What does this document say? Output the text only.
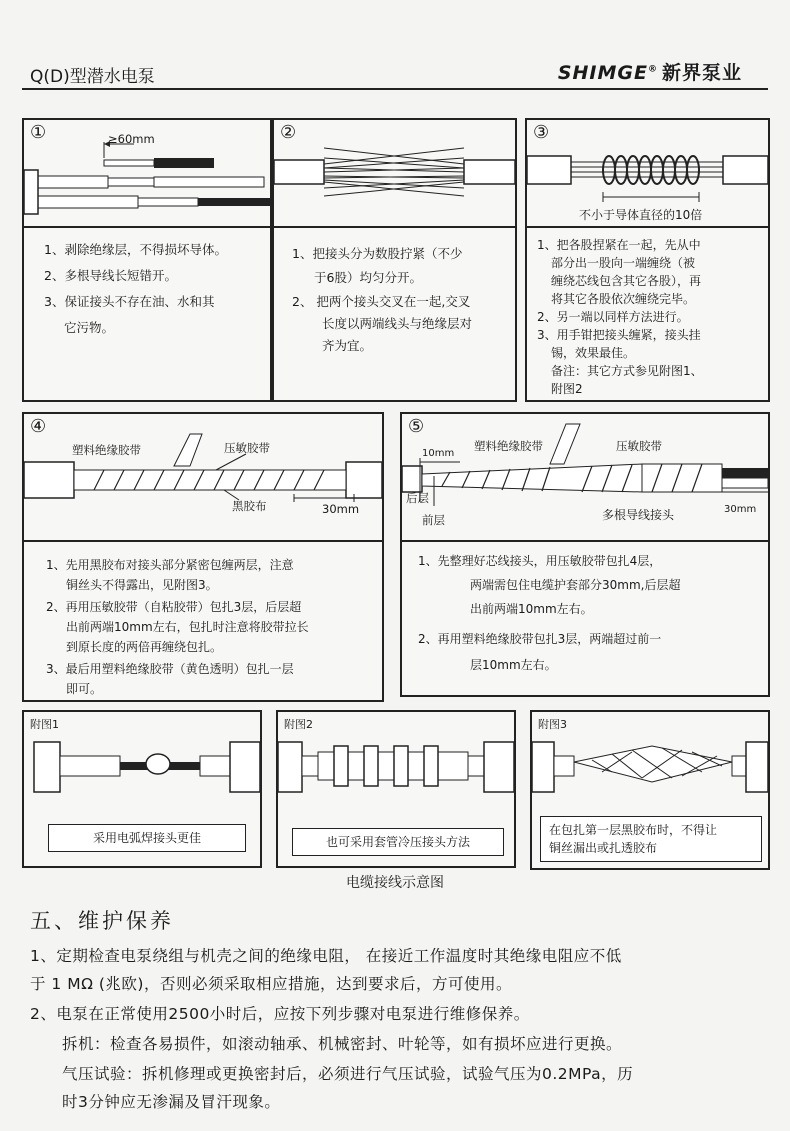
Q(D)型潜水电泵	SHIMGE® 新界泵业
①	≥60mm
1、剥除绝缘层，不得损坏导体。
2、多根导线长短错开。
3、保证接头不存在油、水和其
它污物。
②
1、把接头分为数股拧紧（不少
于6股）均匀分开。
2、 把两个接头交叉在一起,交叉
长度以两端线头与绝缘层对
齐为宜。
③
不小于导体直径的10倍
1、把各股捏紧在一起，先从中
部分出一股向一端缠绕（被
缠绕芯线包含其它各股），再
将其它各股依次缠绕完毕。
2、另一端以同样方法进行。
3、用手钳把接头缠紧，接头挂
锡，效果最佳。
备注：其它方式参见附图1、
附图2
④
塑料绝缘胶带	压敏胶带
黑胶布	30mm
1、先用黑胶布对接头部分紧密包缠两层，注意
铜丝头不得露出，见附图3。
2、再用压敏胶带（自粘胶带）包扎3层，后层超
出前两端10mm左右，包扎时注意将胶带拉长
到原长度的两倍再缠绕包扎。
3、最后用塑料绝缘胶带（黄色透明）包扎一层
即可。
⑤
塑料绝缘胶带
10mm
压敏胶带
后层
前层	多根导线接头	30mm
1、先整理好芯线接头，用压敏胶带包扎4层，
两端需包住电缆护套部分30mm,后层超
出前两端10mm左右。
2、再用塑料绝缘胶带包扎3层，两端超过前一
层10mm左右。
附图1
采用电弧焊接头更佳
附图2
也可采用套管冷压接头方法
附图3
在包扎第一层黑胶布时，不得让
铜丝漏出或扎透胶布
电缆接线示意图
五、维护保养
1、定期检查电泵绕组与机壳之间的绝缘电阻， 在接近工作温度时其绝缘电阻应不低
于 1 MΩ (兆欧)，否则必须采取相应措施，达到要求后，方可使用。
2、电泵在正常使用2500小时后，应按下列步骤对电泵进行维修保养。
拆机：检查各易损件，如滚动轴承、机械密封、叶轮等，如有损坏应进行更换。
气压试验：拆机修理或更换密封后，必须进行气压试验，试验气压为0.2MPa，历
时3分钟应无渗漏及冒汗现象。
